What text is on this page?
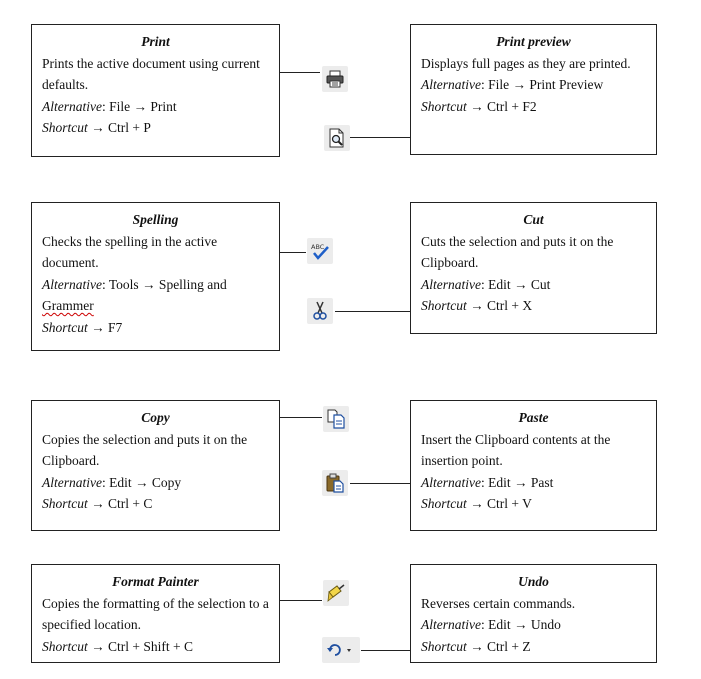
Print
Prints the active document using current defaults.
Alternative: File → Print
Shortcut → Ctrl + P
Print preview
Displays full pages as they are printed.
Alternative: File → Print Preview
Shortcut → Ctrl + F2
Spelling
Checks the spelling in the active document.
Alternative: Tools → Spelling and
Grammer
Shortcut → F7
ABC
Cut
Cuts the selection and puts it on the Clipboard.
Alternative: Edit → Cut
Shortcut → Ctrl + X
Copy
Copies the selection and puts it on the Clipboard.
Alternative: Edit → Copy
Shortcut → Ctrl + C
Paste
Insert the Clipboard contents at the insertion point.
Alternative: Edit → Past
Shortcut → Ctrl + V
Format Painter
Copies the formatting of the selection to a specified location.
Shortcut → Ctrl + Shift + C
Undo
Reverses certain commands.
Alternative: Edit → Undo
Shortcut → Ctrl + Z
